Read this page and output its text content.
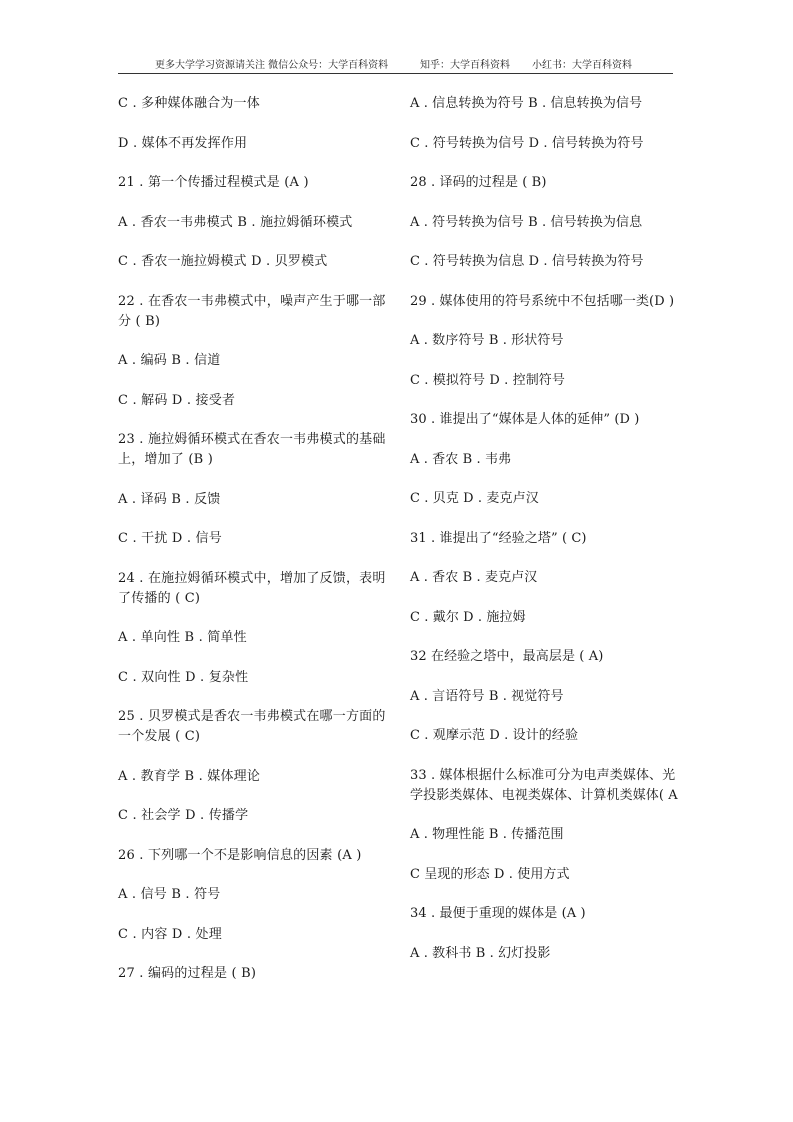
更多大学学习资源请关注 微信公众号：大学百科资料	知乎：大学百科资料 小红书：大学百科资料

C . 多种媒体融合为一体

D . 媒体不再发挥作用

21 . 第一个传播过程模式是 (A )

A . 香农一韦弗模式 B . 施拉姆循环模式

C . 香农一施拉姆模式 D . 贝罗模式

22 . 在香农一韦弗模式中，噪声产生于哪一部分 ( B)

A . 编码 B . 信道

C . 解码 D . 接受者

23 . 施拉姆循环模式在香农一韦弗模式的基础上，增加了 (B )

A . 译码 B . 反馈

C . 干扰 D . 信号

24 . 在施拉姆循环模式中，增加了反馈，表明了传播的 ( C)

A . 单向性 B . 简单性

C . 双向性 D . 复杂性

25 . 贝罗模式是香农一韦弗模式在哪一方面的一个发展 ( C)

A . 教育学 B . 媒体理论

C . 社会学 D . 传播学

26 . 下列哪一个不是影响信息的因素 (A )

A . 信号 B . 符号

C . 内容 D . 处理

27 . 编码的过程是 ( B)

A . 信息转换为符号 B . 信息转换为信号

C . 符号转换为信号 D . 信号转换为符号

28 . 译码的过程是 ( B)

A . 符号转换为信号 B . 信号转换为信息

C . 符号转换为信息 D . 信号转换为符号

29 . 媒体使用的符号系统中不包括哪一类(D )

A . 数序符号 B . 形状符号

C . 模拟符号 D . 控制符号

30 . 谁提出了“媒体是人体的延伸” (D )

A . 香农 B . 韦弗

C . 贝克 D . 麦克卢汉

31 . 谁提出了“经验之塔” ( C)

A . 香农 B . 麦克卢汉

C . 戴尔 D . 施拉姆

32 在经验之塔中，最高层是 ( A)

A . 言语符号 B . 视觉符号

C . 观摩示范 D . 设计的经验

33 . 媒体根据什么标准可分为电声类媒体、光学投影类媒体、电视类媒体、计算机类媒体( A

A . 物理性能 B . 传播范围

C 呈现的形态 D . 使用方式

34 . 最便于重现的媒体是 (A )

A . 教科书 B . 幻灯投影
